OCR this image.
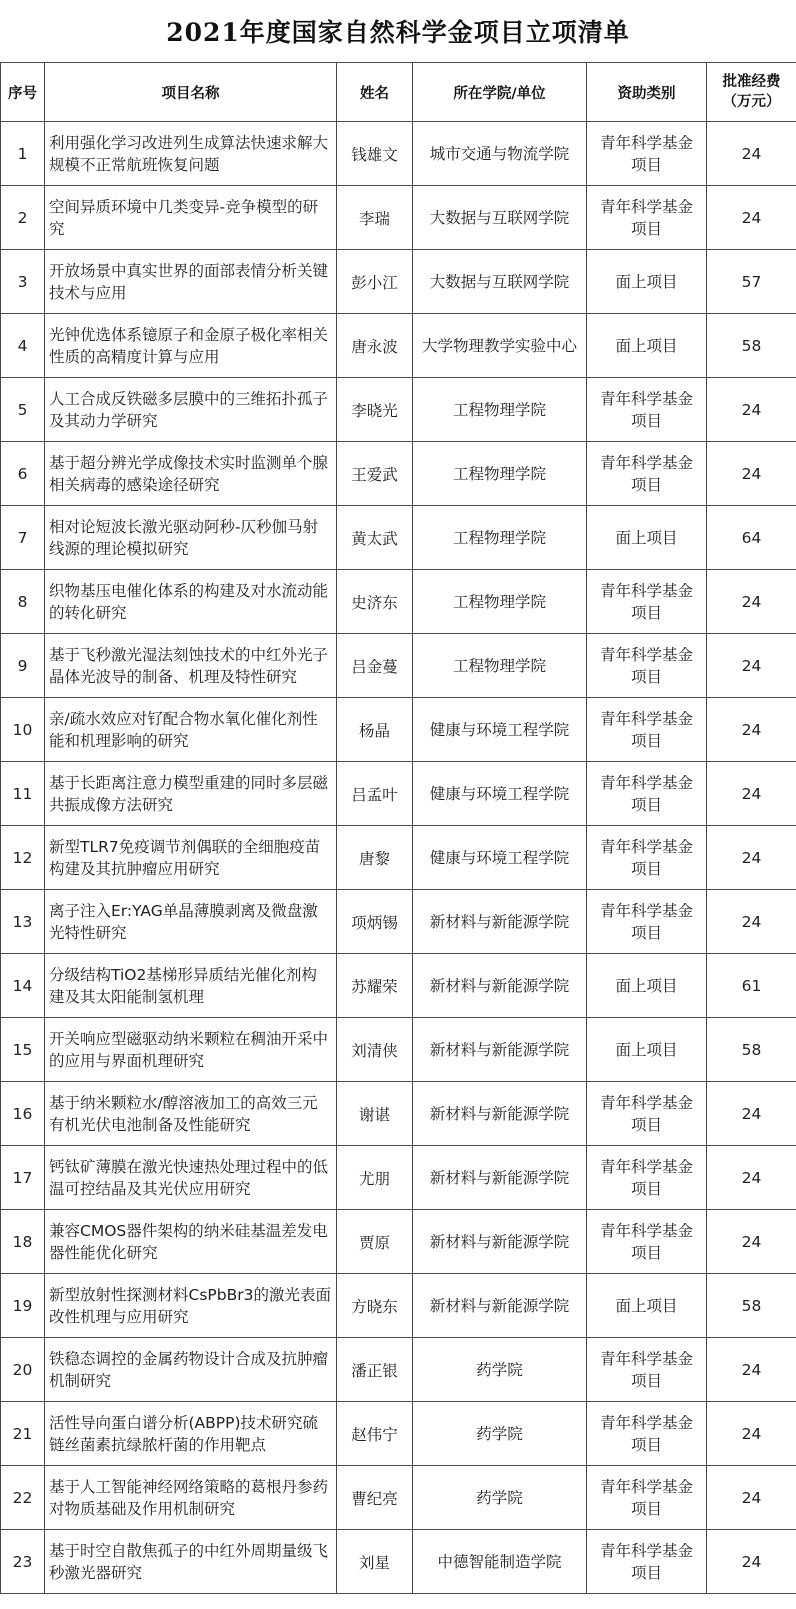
2021年度国家自然科学金项目立项清单
序号	项目名称	姓名	所在学院/单位	资助类别	批准经费
（万元）

1	利用强化学习改进列生成算法快速求解大规模不正常航班恢复问题	钱雄文	城市交通与物流学院	青年科学基金项目	24
2	空间异质环境中几类变异-竞争模型的研究	李瑞	大数据与互联网学院	青年科学基金项目	24
3	开放场景中真实世界的面部表情分析关键技术与应用	彭小江	大数据与互联网学院	面上项目	57
4	光钟优选体系镱原子和金原子极化率相关性质的高精度计算与应用	唐永波	大学物理教学实验中心	面上项目	58
5	人工合成反铁磁多层膜中的三维拓扑孤子及其动力学研究	李晓光	工程物理学院	青年科学基金项目	24
6	基于超分辨光学成像技术实时监测单个腺相关病毒的感染途径研究	王爱武	工程物理学院	青年科学基金项目	24
7	相对论短波长激光驱动阿秒-仄秒伽马射线源的理论模拟研究	黄太武	工程物理学院	面上项目	64
8	织物基压电催化体系的构建及对水流动能的转化研究	史济东	工程物理学院	青年科学基金项目	24
9	基于飞秒激光湿法刻蚀技术的中红外光子晶体光波导的制备、机理及特性研究	吕金蔓	工程物理学院	青年科学基金项目	24
10	亲/疏水效应对钌配合物水氧化催化剂性能和机理影响的研究	杨晶	健康与环境工程学院	青年科学基金项目	24
11	基于长距离注意力模型重建的同时多层磁共振成像方法研究	吕孟叶	健康与环境工程学院	青年科学基金项目	24
12	新型TLR7免疫调节剂偶联的全细胞疫苗构建及其抗肿瘤应用研究	唐黎	健康与环境工程学院	青年科学基金项目	24
13	离子注入Er:YAG单晶薄膜剥离及微盘激光特性研究	项炳锡	新材料与新能源学院	青年科学基金项目	24
14	分级结构TiO2基梯形异质结光催化剂构建及其太阳能制氢机理	苏耀荣	新材料与新能源学院	面上项目	61
15	开关响应型磁驱动纳米颗粒在稠油开采中的应用与界面机理研究	刘清侠	新材料与新能源学院	面上项目	58
16	基于纳米颗粒水/醇溶液加工的高效三元有机光伏电池制备及性能研究	谢谌	新材料与新能源学院	青年科学基金项目	24
17	钙钛矿薄膜在激光快速热处理过程中的低温可控结晶及其光伏应用研究	尤朋	新材料与新能源学院	青年科学基金项目	24
18	兼容CMOS器件架构的纳米硅基温差发电器性能优化研究	贾原	新材料与新能源学院	青年科学基金项目	24
19	新型放射性探测材料CsPbBr3的激光表面改性机理与应用研究	方晓东	新材料与新能源学院	面上项目	58
20	铁稳态调控的金属药物设计合成及抗肿瘤机制研究	潘正银	药学院	青年科学基金项目	24
21	活性导向蛋白谱分析(ABPP)技术研究硫链丝菌素抗绿脓杆菌的作用靶点	赵伟宁	药学院	青年科学基金项目	24
22	基于人工智能神经网络策略的葛根丹参药对物质基础及作用机制研究	曹纪亮	药学院	青年科学基金项目	24
23	基于时空自散焦孤子的中红外周期量级飞秒激光器研究	刘星	中德智能制造学院	青年科学基金项目	24
